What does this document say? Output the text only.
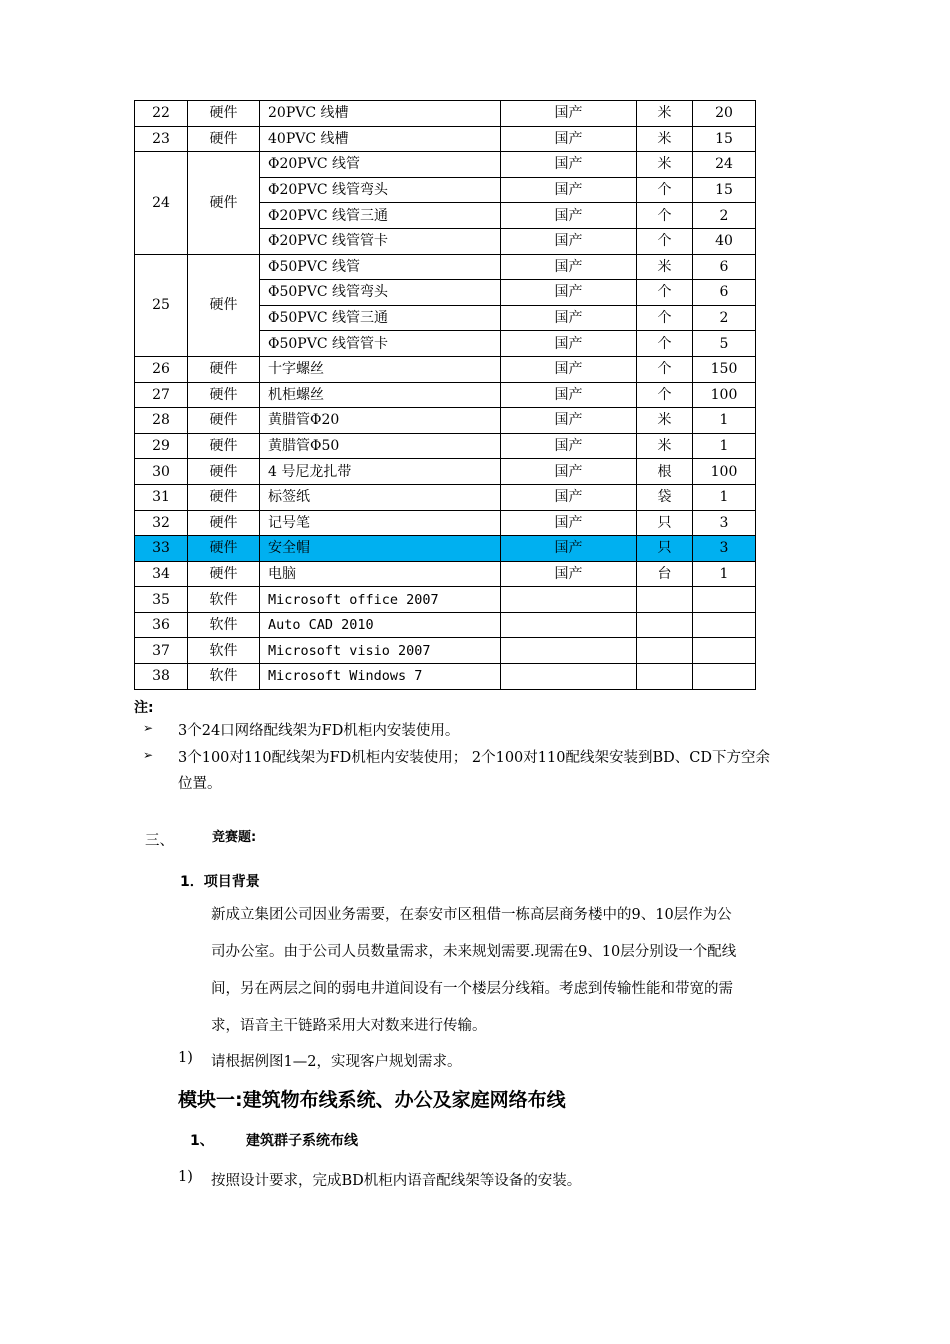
22	硬件	20PVC 线槽	国产	米	20
23	硬件	40PVC 线槽	国产	米	15
24	硬件	Φ20PVC 线管	国产	米	24
		Φ20PVC 线管弯头	国产	个	15
		Φ20PVC 线管三通	国产	个	2
		Φ20PVC 线管管卡	国产	个	40
25	硬件	Φ50PVC 线管	国产	米	6
		Φ50PVC 线管弯头	国产	个	6
		Φ50PVC 线管三通	国产	个	2
		Φ50PVC 线管管卡	国产	个	5
26	硬件	十字螺丝	国产	个	150
27	硬件	机柜螺丝	国产	个	100
28	硬件	黄腊管Φ20	国产	米	1
29	硬件	黄腊管Φ50	国产	米	1
30	硬件	4 号尼龙扎带	国产	根	100
31	硬件	标签纸	国产	袋	1
32	硬件	记号笔	国产	只	3
33	硬件	安全帽	国产	只	3
34	硬件	电脑	国产	台	1
35	软件	Microsoft office 2007			
36	软件	Auto CAD 2010			
37	软件	Microsoft visio 2007			
38	软件	Microsoft Windows 7			
注:
➢ 3个24口网络配线架为FD机柜内安装使用。
➢ 3个100对110配线架为FD机柜内安装使用； 2个100对110配线架安装到BD、CD下方空余
位置。
三、	竞赛题:
1．项目背景
新成立集团公司因业务需要，在泰安市区租借一栋高层商务楼中的9、10层作为公
司办公室。由于公司人员数量需求，未来规划需要.现需在9、10层分别设一个配线
间，另在两层之间的弱电井道间设有一个楼层分线箱。考虑到传输性能和带宽的需
求，语音主干链路采用大对数来进行传输。
1) 请根据例图1—2，实现客户规划需求。
模块一:建筑物布线系统、办公及家庭网络布线
1、 建筑群子系统布线
1) 按照设计要求，完成BD机柜内语音配线架等设备的安装。
